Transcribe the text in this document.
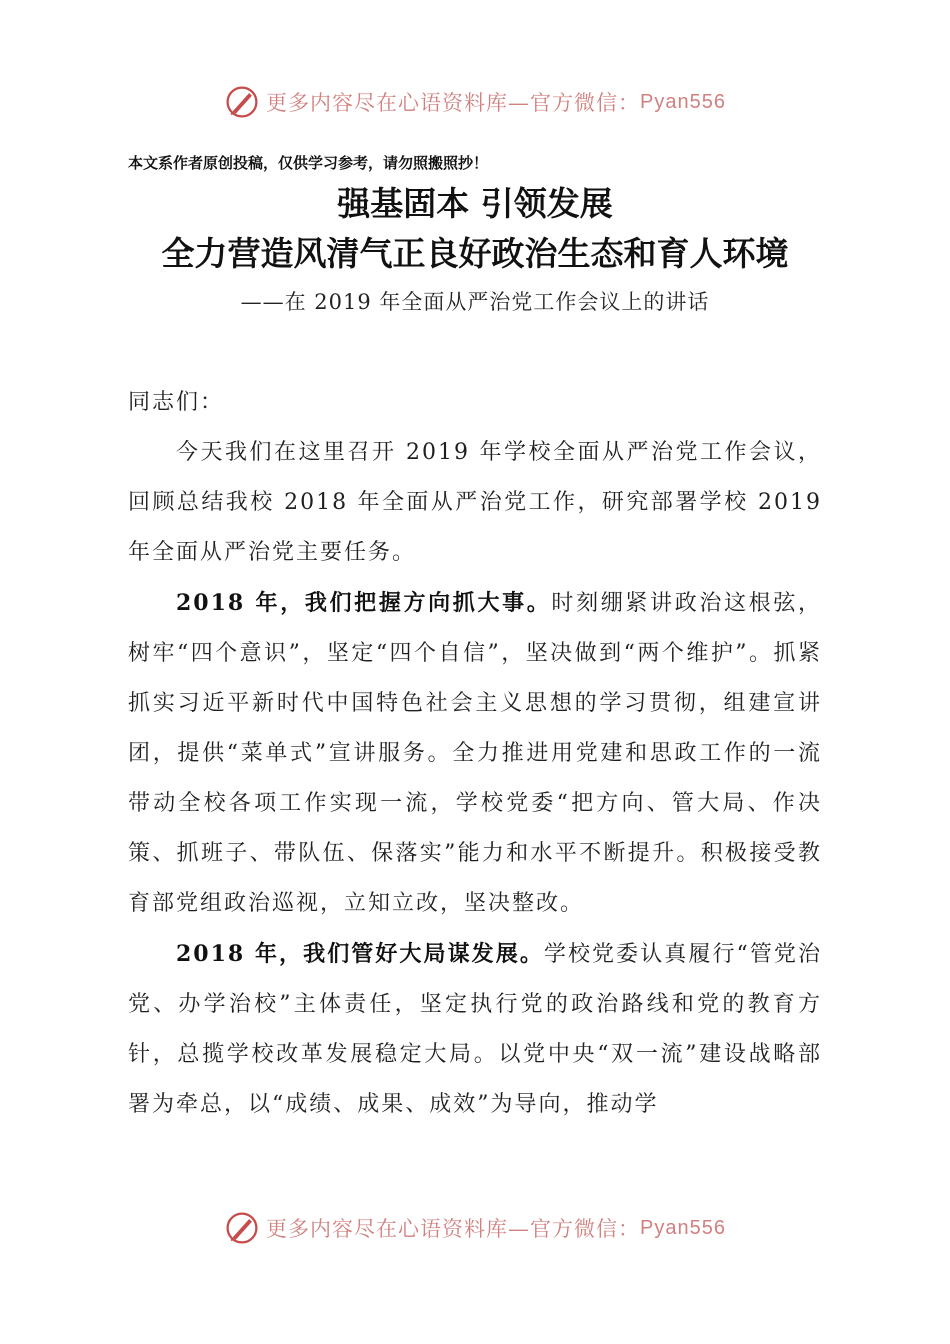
更多内容尽在心语资料库—官方微信： Pyan556
本文系作者原创投稿，仅供学习参考，请勿照搬照抄！
强基固本 引领发展
全力营造风清气正良好政治生态和育人环境
——在 2019 年全面从严治党工作会议上的讲话

同志们：

今天我们在这里召开 2019 年学校全面从严治党工作会议，回顾总结我校 2018 年全面从严治党工作，研究部署学校 2019 年全面从严治党主要任务。

2018 年，我们把握方向抓大事。时刻绷紧讲政治这根弦，树牢“四个意识”，坚定“四个自信”，坚决做到“两个维护”。抓紧抓实习近平新时代中国特色社会主义思想的学习贯彻，组建宣讲团，提供“菜单式”宣讲服务。全力推进用党建和思政工作的一流带动全校各项工作实现一流，学校党委“把方向、管大局、作决策、抓班子、带队伍、保落实”能力和水平不断提升。积极接受教育部党组政治巡视，立知立改，坚决整改。

2018 年，我们管好大局谋发展。学校党委认真履行“管党治党、办学治校”主体责任，坚定执行党的政治路线和党的教育方针，总揽学校改革发展稳定大局。以党中央“双一流”建设战略部署为牵总，以“成绩、成果、成效”为导向，推动学

更多内容尽在心语资料库—官方微信： Pyan556
